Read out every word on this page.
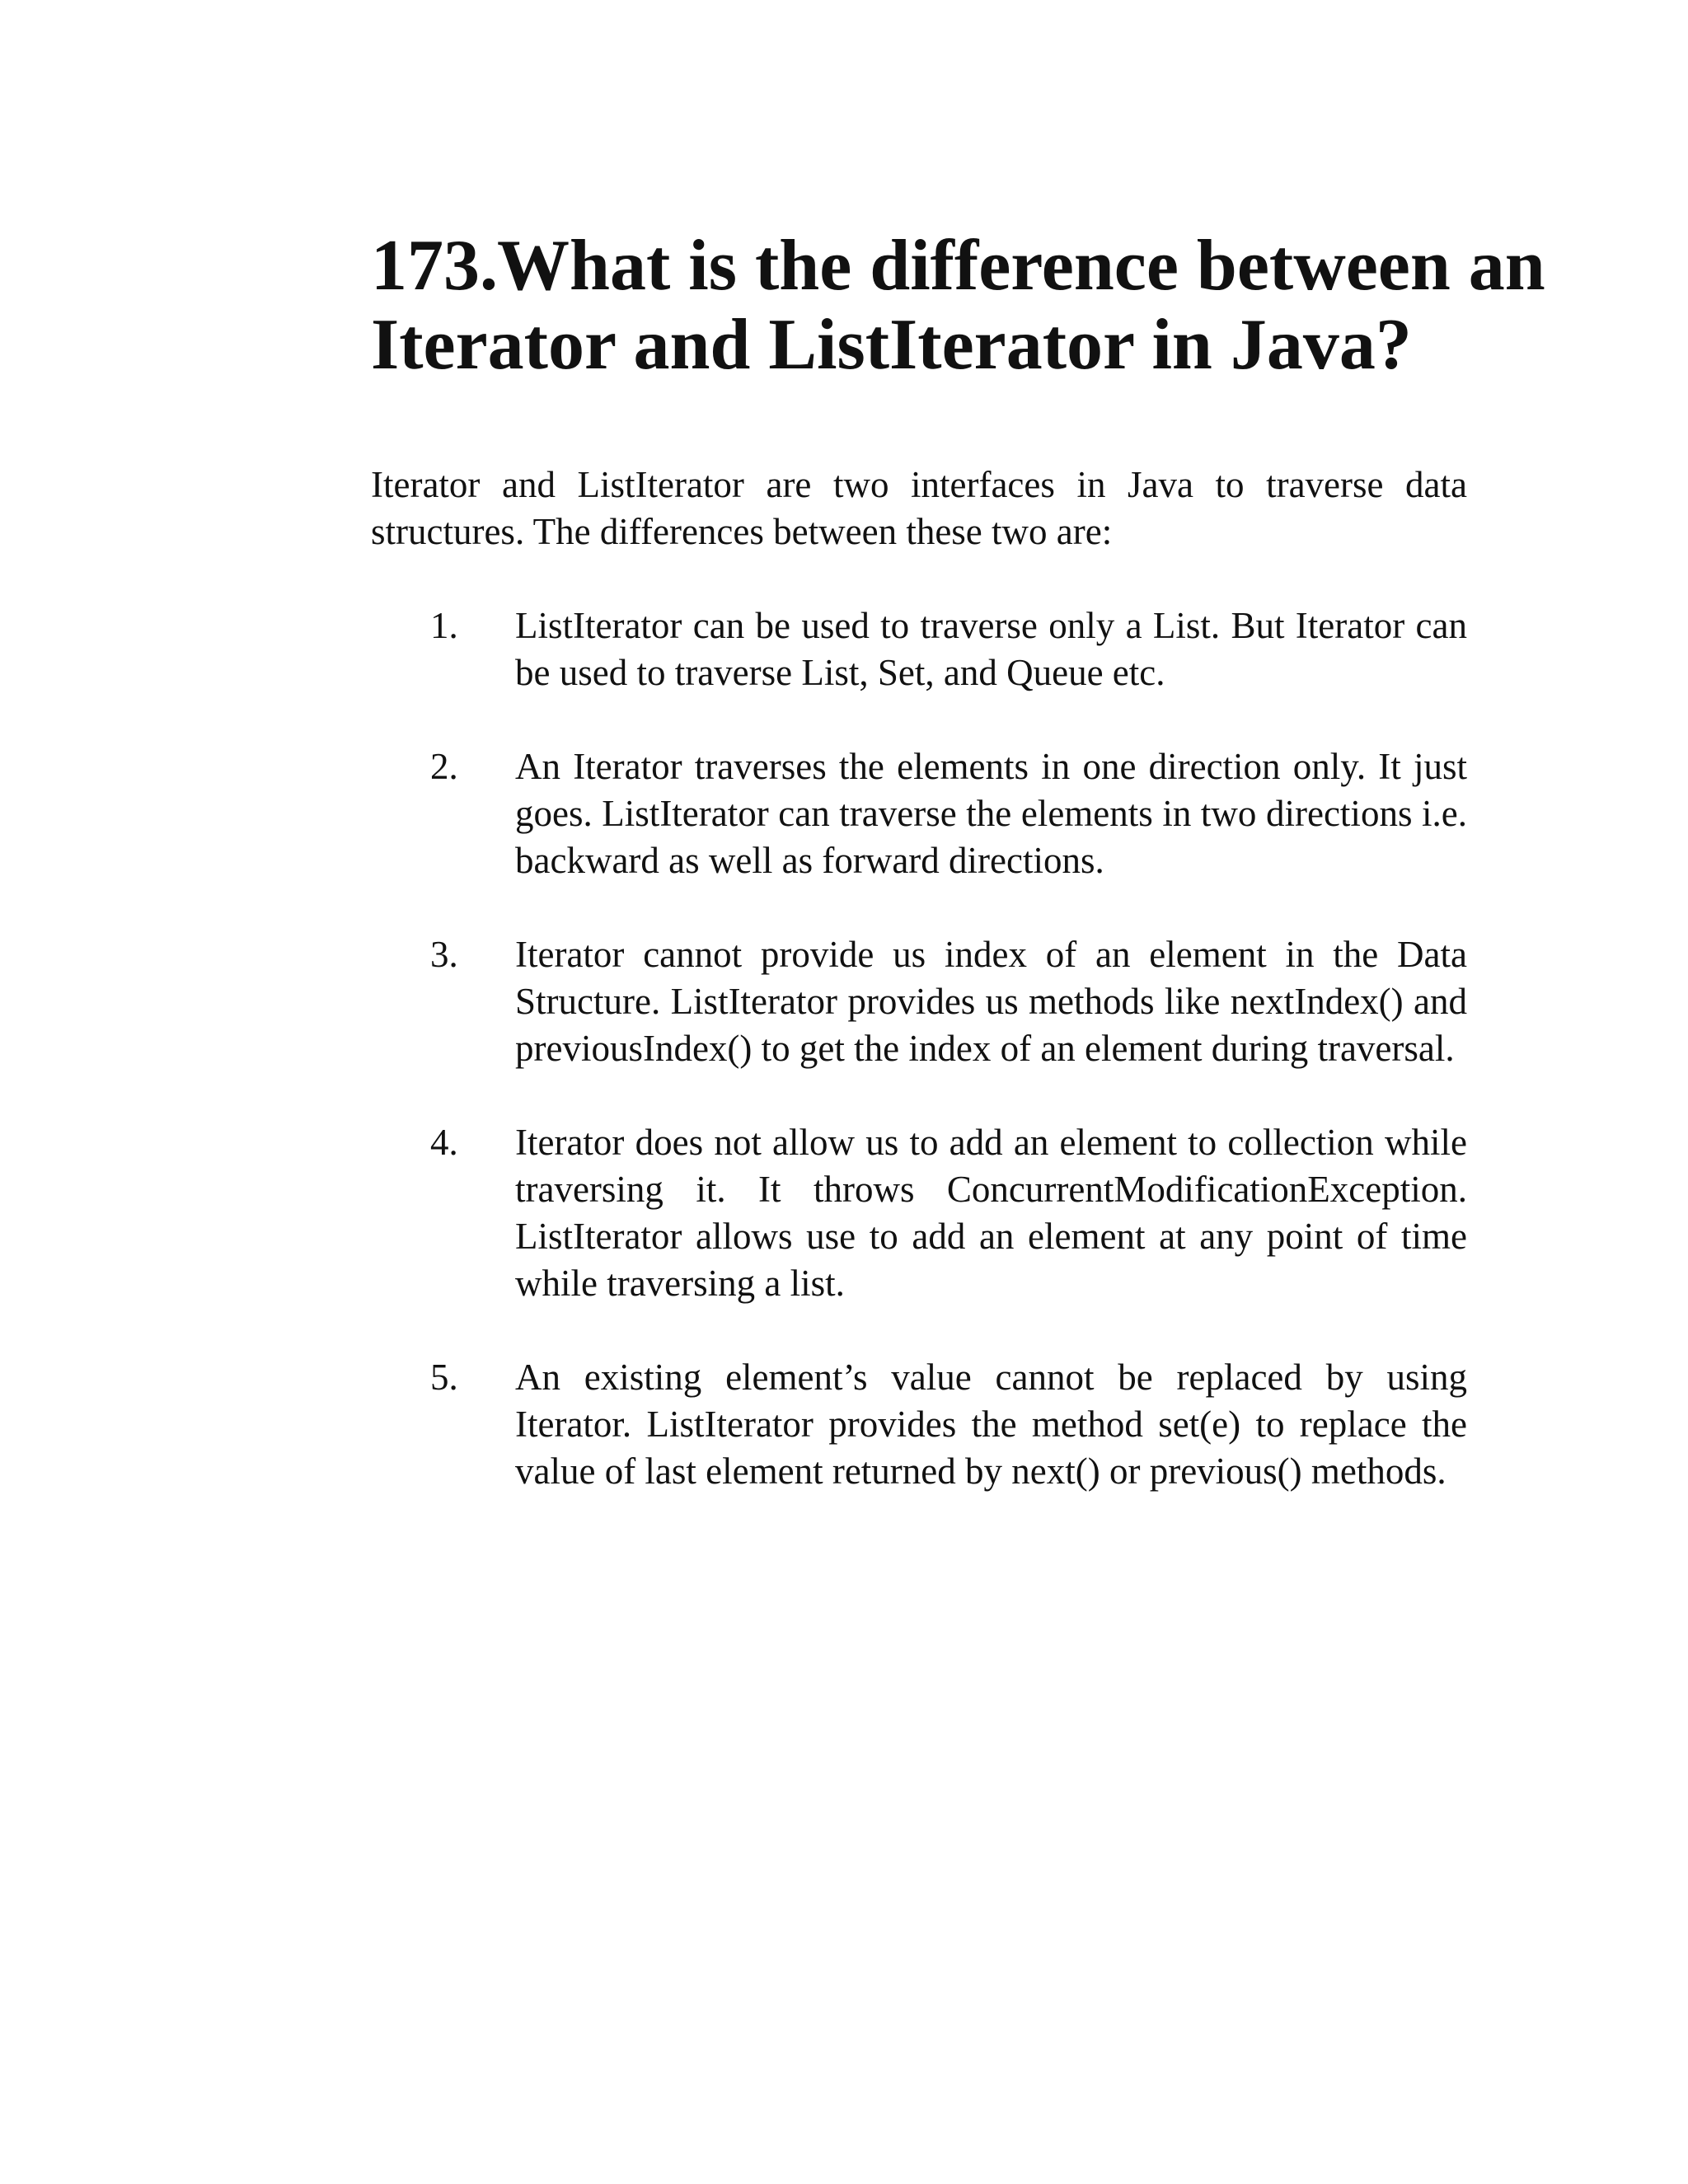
173.What is the difference between an
Iterator and ListIterator in Java?

Iterator and ListIterator are two interfaces in Java to traverse data structures. The differences between these two are:

1.	ListIterator can be used to traverse only a List. But Iterator can be used to traverse List, Set, and Queue etc.
2.	An Iterator traverses the elements in one direction only. It just goes. ListIterator can traverse the elements in two directions i.e. backward as well as forward directions.
3.	Iterator cannot provide us index of an element in the Data Structure. ListIterator provides us methods like nextIndex() and previousIndex() to get the index of an element during traversal.
4.	Iterator does not allow us to add an element to collection while traversing it. It throws ConcurrentModificationException. ListIterator allows use to add an element at any point of time while traversing a list.
5.	An existing element’s value cannot be replaced by using Iterator. ListIterator provides the method set(e) to replace the value of last element returned by next() or previous() methods.
